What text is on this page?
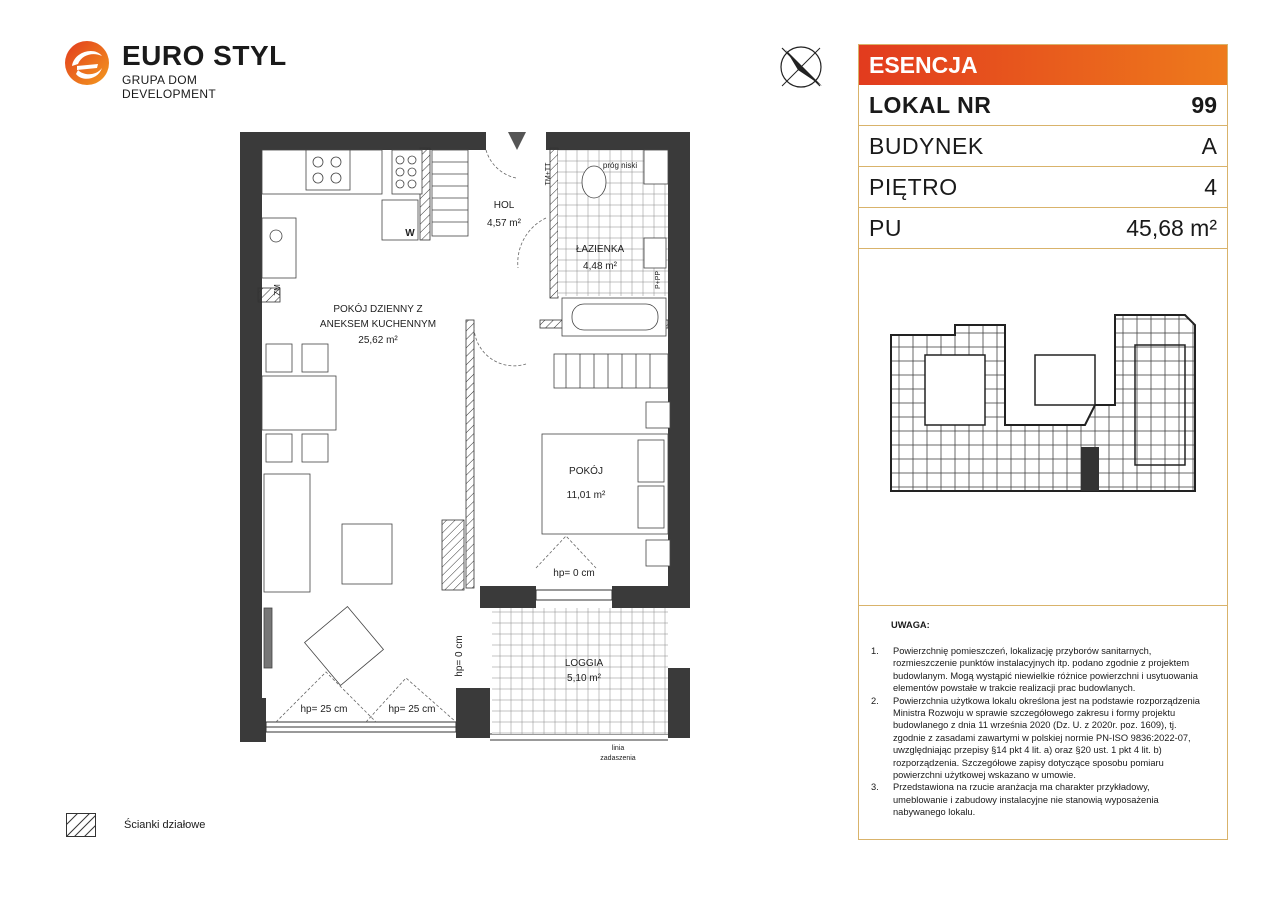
EURO STYL
GRUPA DOM DEVELOPMENT
HOL
4,57 m²
ŁAZIENKA
4,48 m²
POKÓJ DZIENNY Z
ANEKSEM KUCHENNYM
25,62 m²
POKÓJ
11,01 m²
LOGGIA
5,10 m²
hp= 0 cm
hp= 25 cm	hp= 25 cm
hp= 0 cm
próg niski
TM+TT
linia
zadaszenia
W
ZM
P+PP
ESENCJA
LOKAL NR	99
BUDYNEK	A
PIĘTRO	4
PU	45,68 m²
UWAGA:
1. Powierzchnię pomieszczeń, lokalizację przyborów sanitarnych, rozmieszczenie punktów instalacyjnych itp. podano zgodnie z projektem budowlanym. Mogą wystąpić niewielkie różnice powierzchni i usytuowania elementów powstałe w trakcie realizacji prac budowlanych.
2. Powierzchnia użytkowa lokalu określona jest na podstawie rozporządzenia Ministra Rozwoju w sprawie szczegółowego zakresu i formy projektu budowlanego z dnia 11 września 2020 (Dz. U. z 2020r. poz. 1609), tj. zgodnie z zasadami zawartymi w polskiej normie PN-ISO 9836:2022-07, uwzględniając przepisy §14 pkt 4 lit. a) oraz §20 ust. 1 pkt 4 lit. b) rozporządzenia. Szczegółowe zapisy dotyczące sposobu pomiaru powierzchni użytkowej wskazano w umowie.
3. Przedstawiona na rzucie aranżacja ma charakter przykładowy, umeblowanie i zabudowy instalacyjne nie stanowią wyposażenia nabywanego lokalu.
Ścianki działowe
